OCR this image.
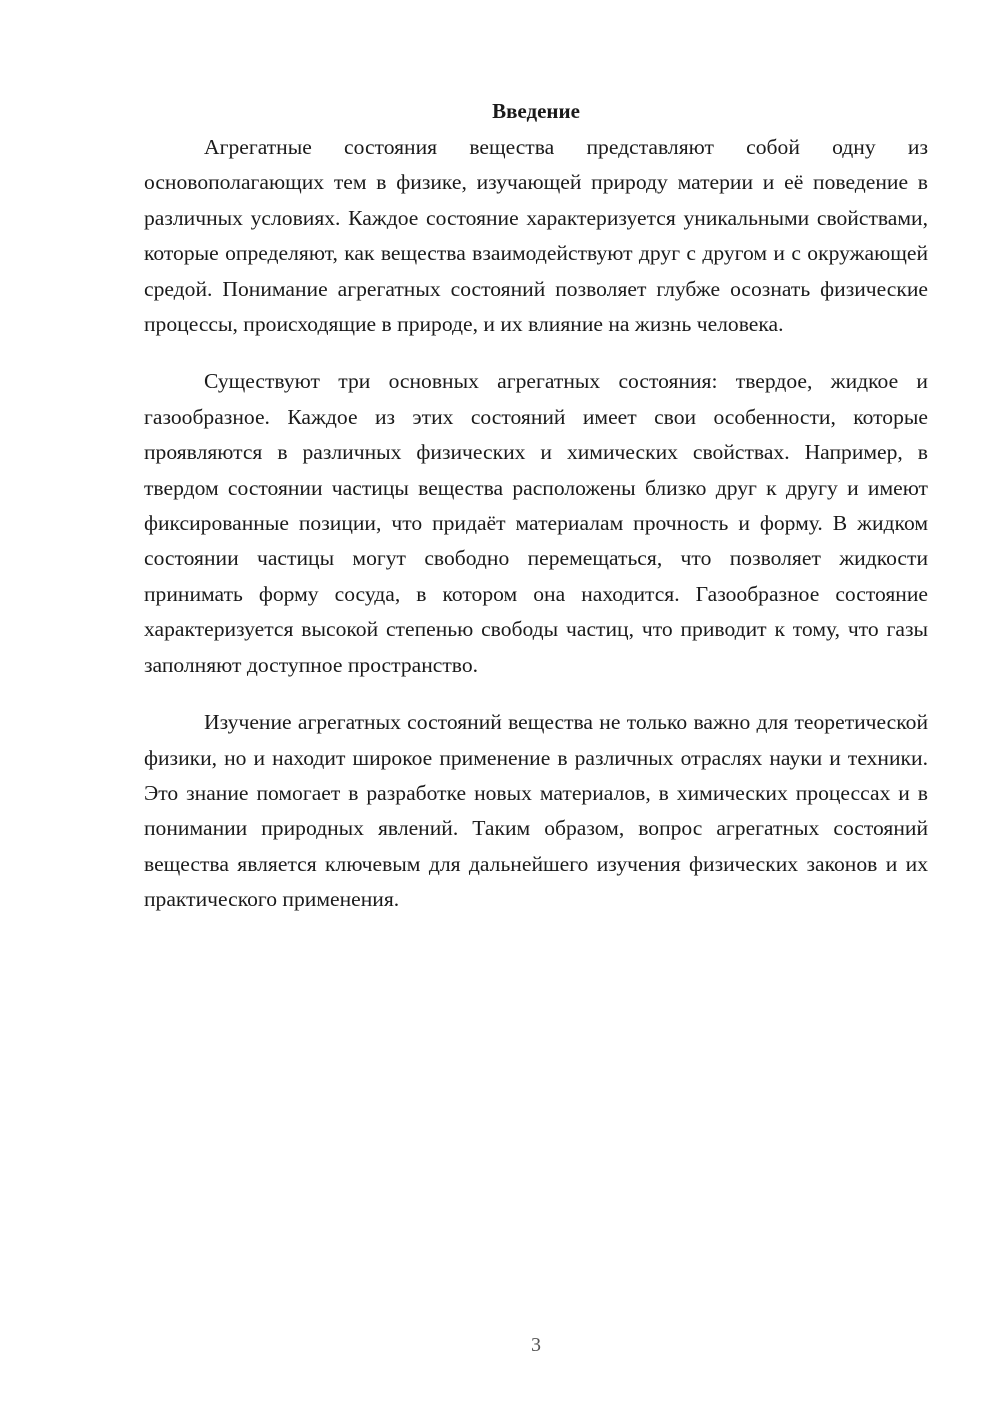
Введение

Агрегатные состояния вещества представляют собой одну из основополагающих тем в физике, изучающей природу материи и её поведение в различных условиях. Каждое состояние характеризуется уникальными свойствами, которые определяют, как вещества взаимодействуют друг с другом и с окружающей средой. Понимание агрегатных состояний позволяет глубже осознать физические процессы, происходящие в природе, и их влияние на жизнь человека.

Существуют три основных агрегатных состояния: твердое, жидкое и газообразное. Каждое из этих состояний имеет свои особенности, которые проявляются в различных физических и химических свойствах. Например, в твердом состоянии частицы вещества расположены близко друг к другу и имеют фиксированные позиции, что придаёт материалам прочность и форму. В жидком состоянии частицы могут свободно перемещаться, что позволяет жидкости принимать форму сосуда, в котором она находится. Газообразное состояние характеризуется высокой степенью свободы частиц, что приводит к тому, что газы заполняют доступное пространство.

Изучение агрегатных состояний вещества не только важно для теоретической физики, но и находит широкое применение в различных отраслях науки и техники. Это знание помогает в разработке новых материалов, в химических процессах и в понимании природных явлений. Таким образом, вопрос агрегатных состояний вещества является ключевым для дальнейшего изучения физических законов и их практического применения.

3
